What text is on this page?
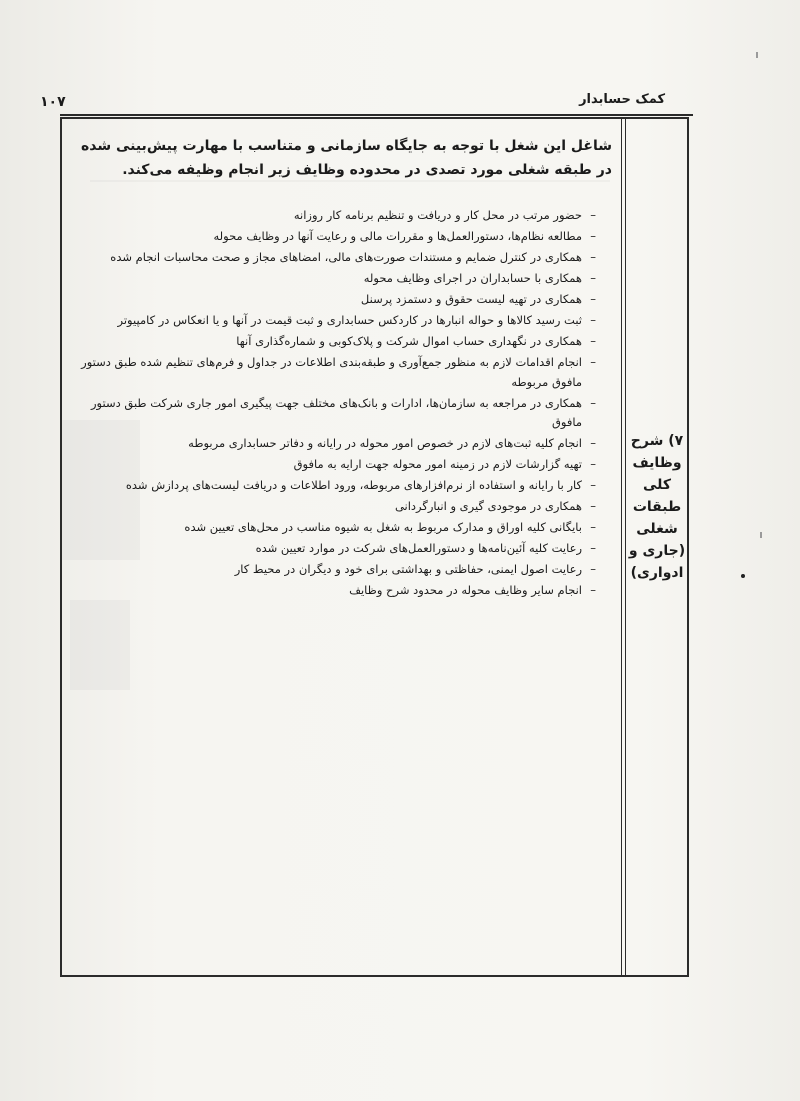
کمک حسابدار
۱۰۷
۷) شرح
وظایف
کلی
طبقات
شغلی
(جاری و
ادواری)
شاغل این شغل با توجه به جایگاه سازمانی و متناسب با مهارت پیش‌بینی شده در طبقه شغلی مورد تصدی در محدوده وظایف زیر انجام وظیفه می‌کند.
– حضور مرتب در محل کار و دریافت و تنظیم برنامه کار روزانه
– مطالعه نظام‌ها، دستورالعمل‌ها و مقررات مالی و رعایت آنها در وظایف محوله
– همکاری در کنترل ضمایم و مستندات صورت‌های مالی، امضاهای مجاز و صحت محاسبات انجام شده
– همکاری با حسابداران در اجرای وظایف محوله
– همکاری در تهیه لیست حقوق و دستمزد پرسنل
– ثبت رسید کالاها و حواله انبارها در کاردکس حسابداری و ثبت قیمت در آنها و یا انعکاس در کامپیوتر
– همکاری در نگهداری حساب اموال شرکت و پلاک‌کوبی و شماره‌گذاری آنها
– انجام اقدامات لازم به منظور جمع‌آوری و طبقه‌بندی اطلاعات در جداول و فرم‌های تنظیم شده طبق دستور مافوق مربوطه
– همکاری در مراجعه به سازمان‌ها، ادارات و بانک‌های مختلف جهت پیگیری امور جاری شرکت طبق دستور مافوق
– انجام کلیه ثبت‌های لازم در خصوص امور محوله در رایانه و دفاتر حسابداری مربوطه
– تهیه گزارشات لازم در زمینه امور محوله جهت ارایه به مافوق
– کار با رایانه و استفاده از نرم‌افزارهای مربوطه، ورود اطلاعات و دریافت لیست‌های پردازش شده
– همکاری در موجودی گیری و انبارگردانی
– بایگانی کلیه اوراق و مدارک مربوط به شغل به شیوه مناسب در محل‌های تعیین شده
– رعایت کلیه آئین‌نامه‌ها و دستورالعمل‌های شرکت در موارد تعیین شده
– رعایت اصول ایمنی، حفاظتی و بهداشتی برای خود و دیگران در محیط کار
– انجام سایر وظایف محوله در محدود شرح وظایف
